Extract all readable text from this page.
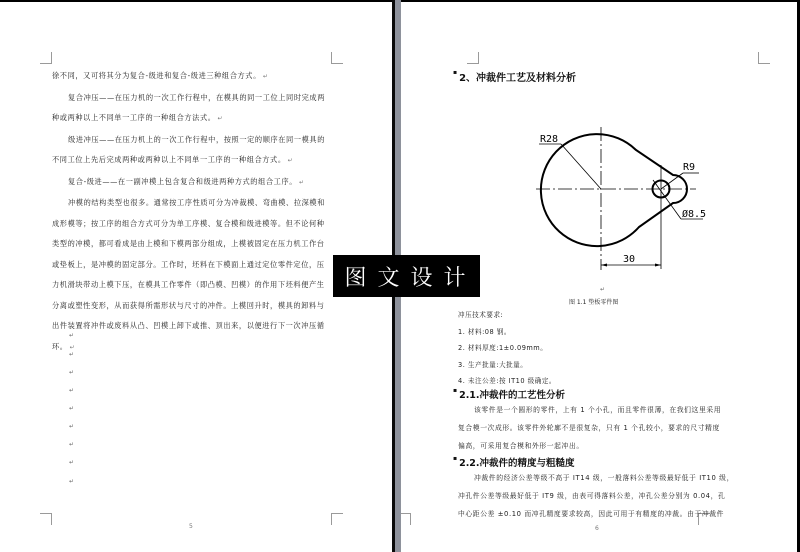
徐不同，又可将其分为复合-级进和复合-级进三种组合方式。 ↵
复合冲压——在压力机的一次工作行程中，在模具的同一工位上同时完成两
种或两种以上不同单一工序的一种组合方法式。 ↵
级进冲压——在压力机上的一次工作行程中，按照一定的顺序在同一模具的
不同工位上先后完成两种或两种以上不同单一工序的一种组合方式。 ↵
复合-级进——在一副冲模上包含复合和级进两种方式的组合工序。 ↵
冲模的结构类型也很多。通常按工序性质可分为冲裁模、弯曲模、拉深模和
成形模等；按工序的组合方式可分为单工序模、复合模和级进模等。但不论何种
类型的冲模，都可看成是由上模和下模两部分组成，上模被固定在压力机工作台
或垫板上，是冲模的固定部分。工作时，坯料在下模面上通过定位零件定位，压
力机滑块带动上模下压，在模具工作零件（即凸模、凹模）的作用下坯料便产生
分离或塑性变形，从而获得所需形状与尺寸的冲件。上模回升时，模具的卸料与
出件装置将冲件或废料从凸、凹模上卸下或推、顶出来，以便进行下一次冲压循
环。 ↵
↵
↵
↵
↵
↵
↵
↵
↵
↵
5
▪2、冲裁件工艺及材料分析
R28
R9
Ø8.5
30
↵
图 1.1 垫板零件图
冲压技术要求:
1. 材料:08 钢。
2. 材料厚度:1±0.09mm。
3. 生产批量:大批量。
4. 未注公差:按 IT10 级确定。
▪ 2.1.冲裁件的工艺性分析
该零件是一个圆形的零件，上有 1 个小孔，而且零件很薄，在我们这里采用
复合模一次成形。该零件外轮廓不是很复杂，只有 1 个孔较小，要求的尺寸精度
偏高，可采用复合模和外形一起冲出。
▪ 2.2.冲裁件的精度与粗糙度
冲裁件的经济公差等级不高于 IT14 级，一般落料公差等级最好低于 IT10 级，
冲孔件公差等级最好低于 IT9 级，由表可得落料公差，冲孔公差分别为 0.04，孔
中心距公差 ±0.10 而冲孔精度要求较高，因此可用于有精度的冲裁。由于冲裁件
6
图文设计
